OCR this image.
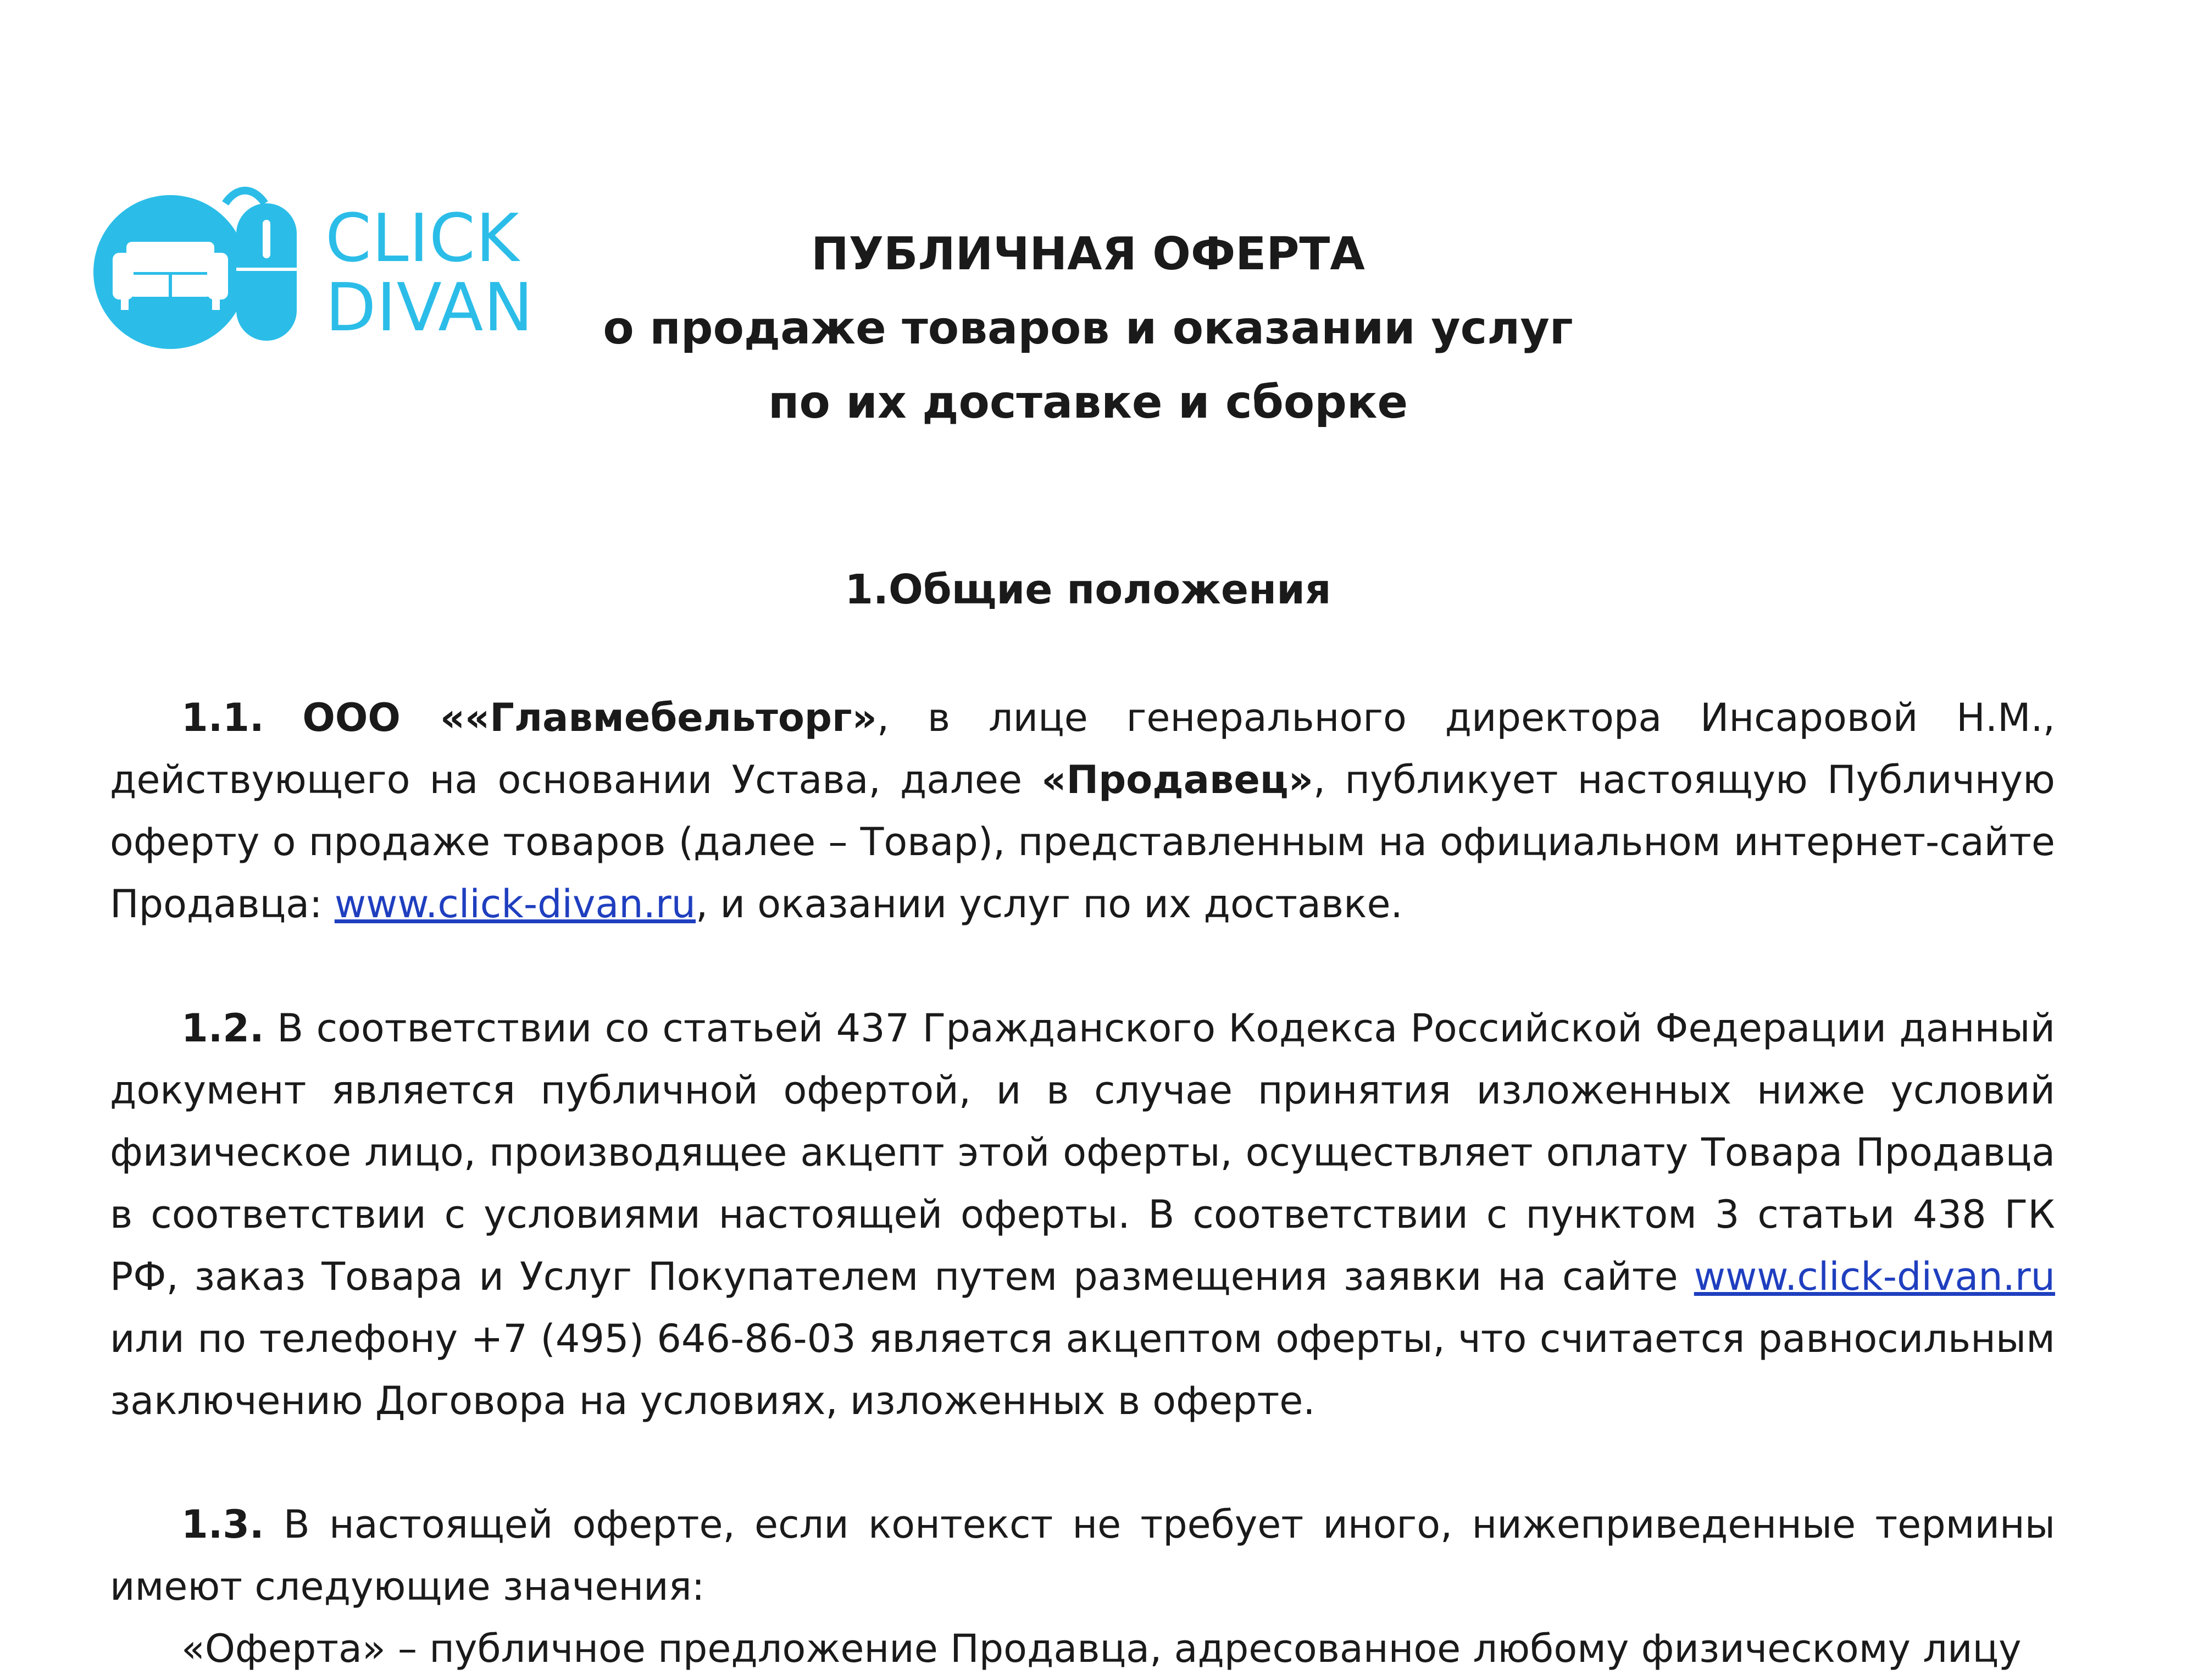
CLICK
DIVAN
ПУБЛИЧНАЯ ОФЕРТА
о продаже товаров и оказании услуг
по их доставке и сборке
1.Общие положения
1.1. ООО ««Главмебельторг», в лице генерального директора Инсаровой Н.М., действующего на основании Устава, далее «Продавец», публикует настоящую Публичную оферту о продаже товаров (далее – Товар), представленным на официальном интернет-сайте Продавца: www.click-divan.ru, и оказании услуг по их доставке.
1.2. В соответствии со статьей 437 Гражданского Кодекса Российской Федерации данный документ является публичной офертой, и в случае принятия изложенных ниже условий физическое лицо, производящее акцепт этой оферты, осуществляет оплату Товара Продавца в соответствии с условиями настоящей оферты. В соответствии с пунктом 3 статьи 438 ГК РФ, заказ Товара и Услуг Покупателем путем размещения заявки на сайте www.click-divan.ru или по телефону +7 (495) 646-86-03 является акцептом оферты, что считается равносильным заключению Договора на условиях, изложенных в оферте.
1.3. В настоящей оферте, если контекст не требует иного, нижеприведенные термины имеют следующие значения:
«Оферта» – публичное предложение Продавца, адресованное любому физическому лицу
